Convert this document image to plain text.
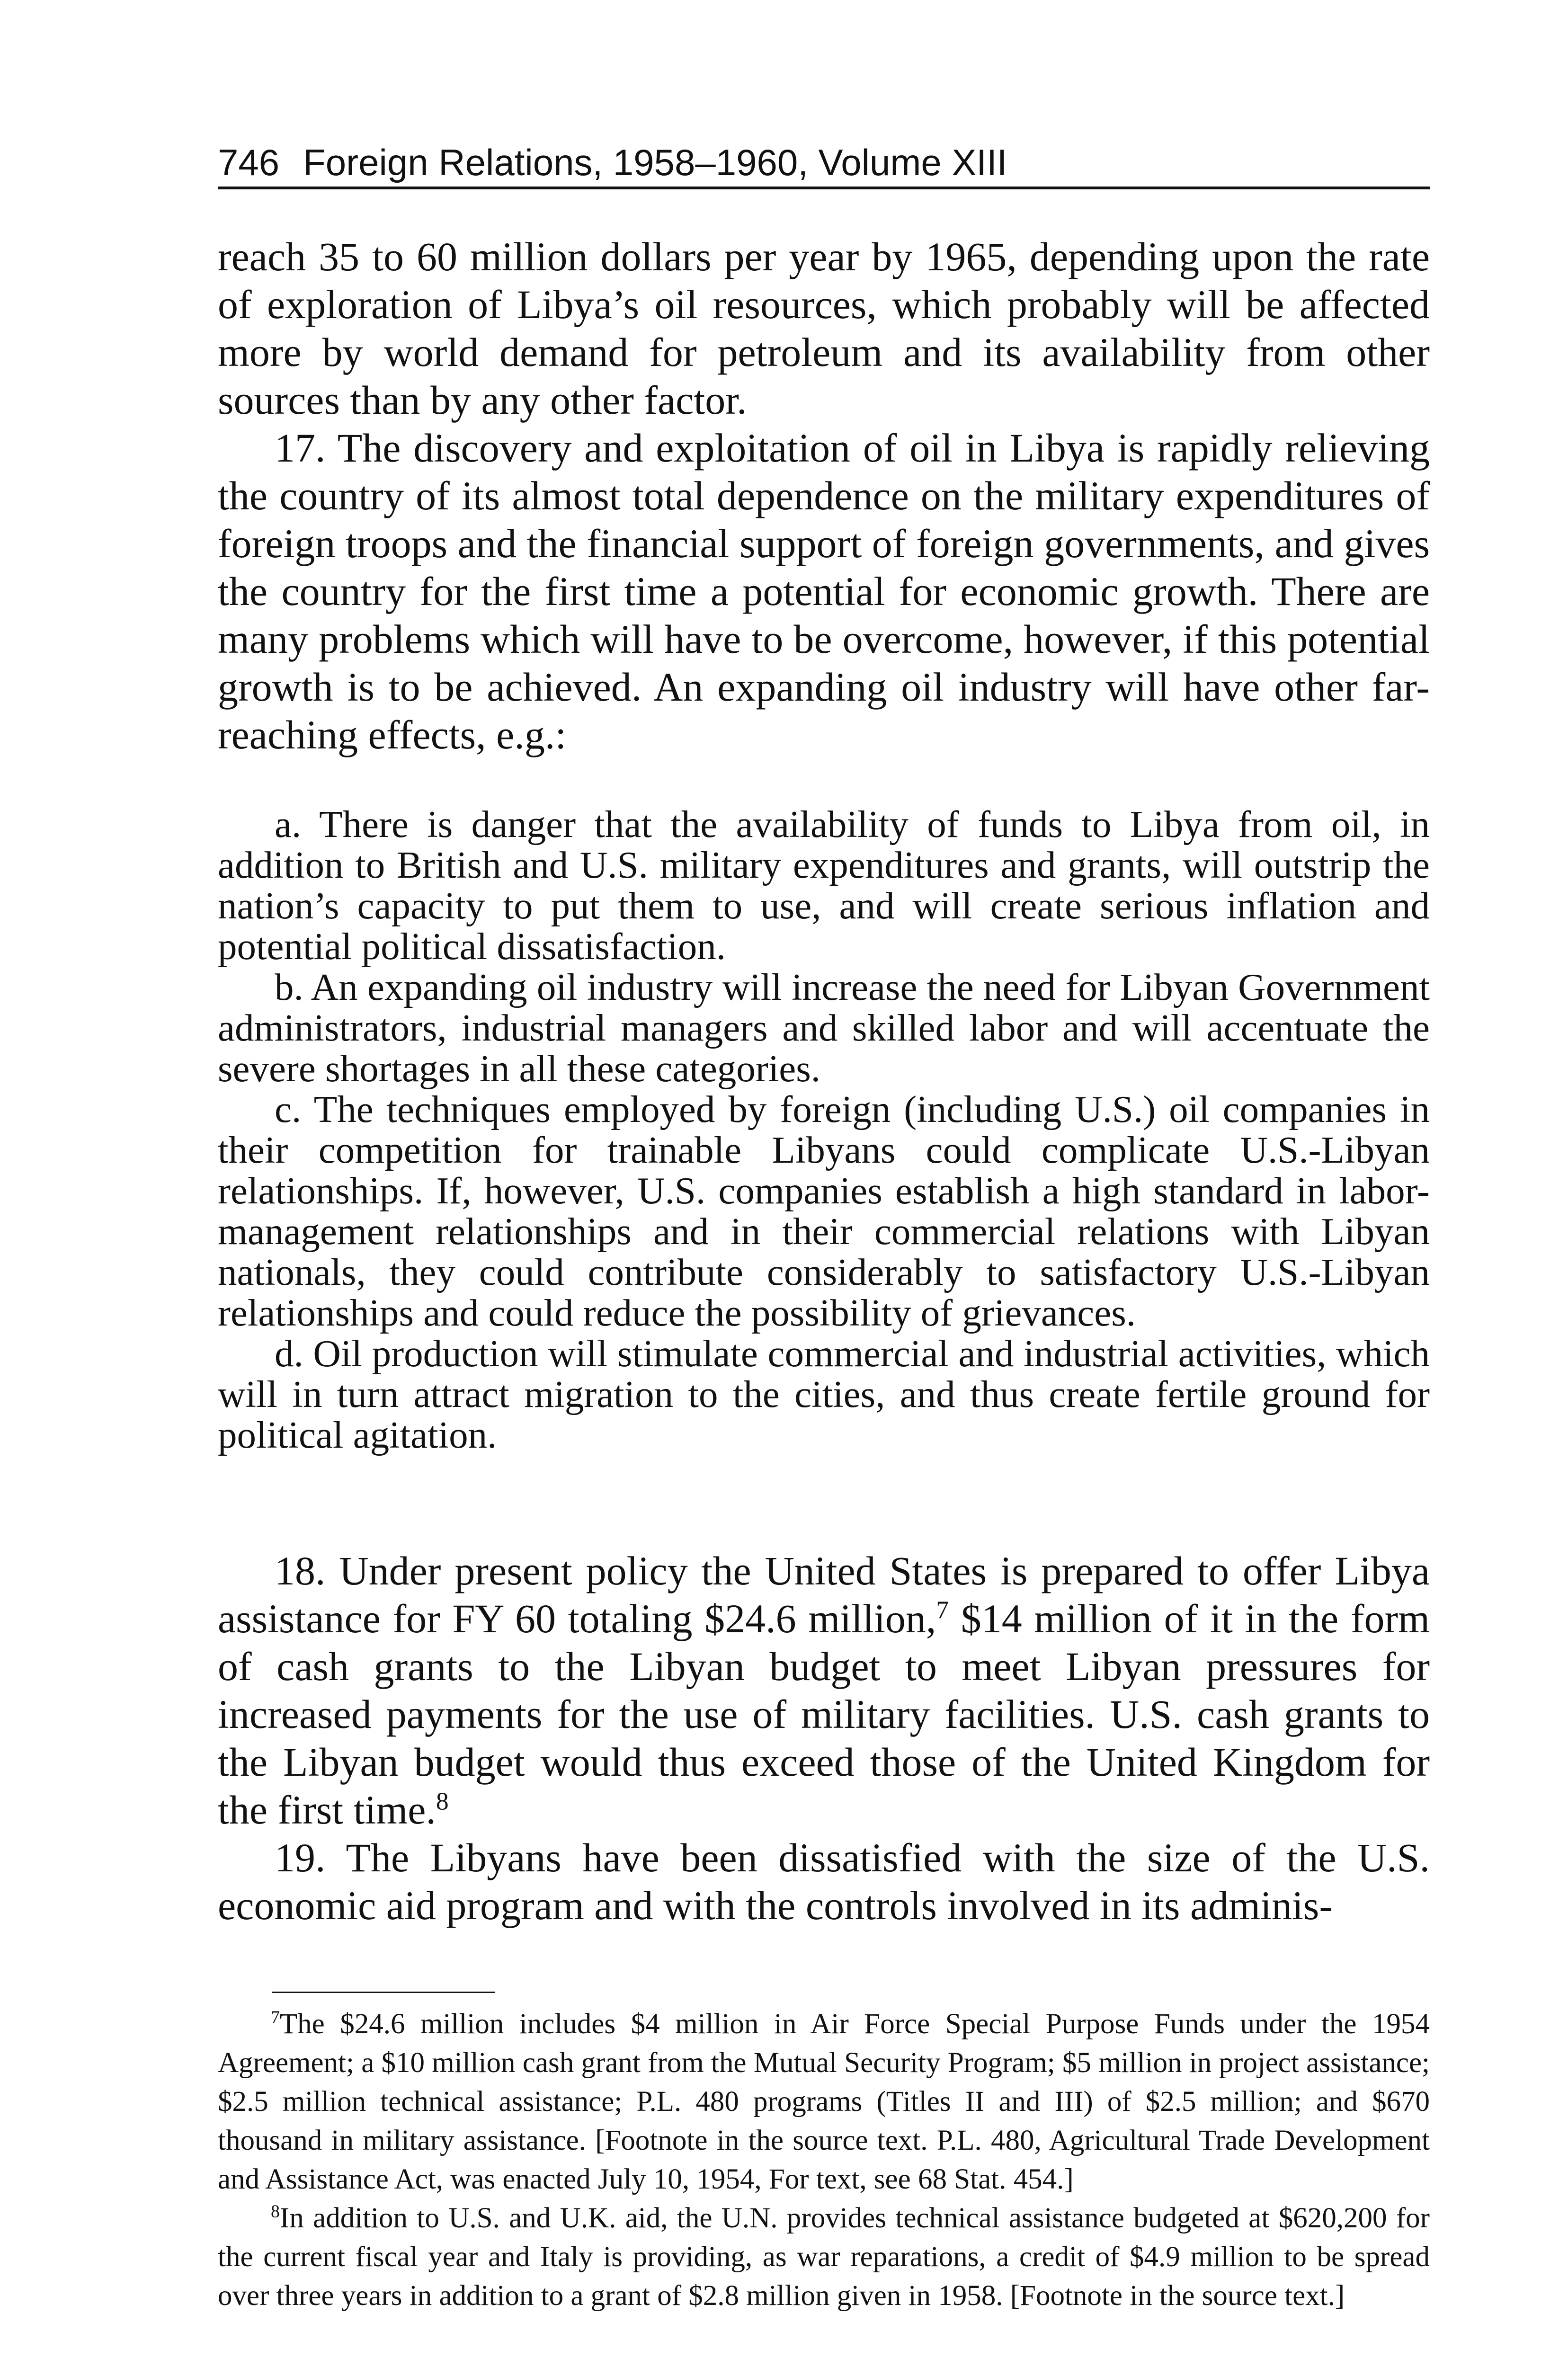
746 Foreign Relations, 1958–1960, Volume XIII

reach 35 to 60 million dollars per year by 1965, depending upon the rate of exploration of Libya’s oil resources, which probably will be affected more by world demand for petroleum and its availability from other sources than by any other factor.

17. The discovery and exploitation of oil in Libya is rapidly relieving the country of its almost total dependence on the military expenditures of foreign troops and the financial support of foreign governments, and gives the country for the first time a potential for economic growth. There are many problems which will have to be overcome, however, if this potential growth is to be achieved. An expanding oil industry will have other far-reaching effects, e.g.:

a. There is danger that the availability of funds to Libya from oil, in addition to British and U.S. military expenditures and grants, will outstrip the nation’s capacity to put them to use, and will create serious inflation and potential political dissatisfaction.

b. An expanding oil industry will increase the need for Libyan Government administrators, industrial managers and skilled labor and will accentuate the severe shortages in all these categories.

c. The techniques employed by foreign (including U.S.) oil companies in their competition for trainable Libyans could complicate U.S.-Libyan relationships. If, however, U.S. companies establish a high standard in labor-management relationships and in their commercial relations with Libyan nationals, they could contribute considerably to satisfactory U.S.-Libyan relationships and could reduce the possibility of grievances.

d. Oil production will stimulate commercial and industrial activities, which will in turn attract migration to the cities, and thus create fertile ground for political agitation.

18. Under present policy the United States is prepared to offer Libya assistance for FY 60 totaling $24.6 million,$^7$ $14 million of it in the form of cash grants to the Libyan budget to meet Libyan pressures for increased payments for the use of military facilities. U.S. cash grants to the Libyan budget would thus exceed those of the United Kingdom for the first time.$^8$

19. The Libyans have been dissatisfied with the size of the U.S. economic aid program and with the controls involved in its adminis-

$^7$The $24.6 million includes $4 million in Air Force Special Purpose Funds under the 1954 Agreement; a $10 million cash grant from the Mutual Security Program; $5 million in project assistance; $2.5 million technical assistance; P.L. 480 programs (Titles II and III) of $2.5 million; and $670 thousand in military assistance. [Footnote in the source text. P.L. 480, Agricultural Trade Development and Assistance Act, was enacted July 10, 1954, For text, see 68 Stat. 454.]

$^8$In addition to U.S. and U.K. aid, the U.N. provides technical assistance budgeted at $620,200 for the current fiscal year and Italy is providing, as war reparations, a credit of $4.9 million to be spread over three years in addition to a grant of $2.8 million given in 1958. [Footnote in the source text.]
